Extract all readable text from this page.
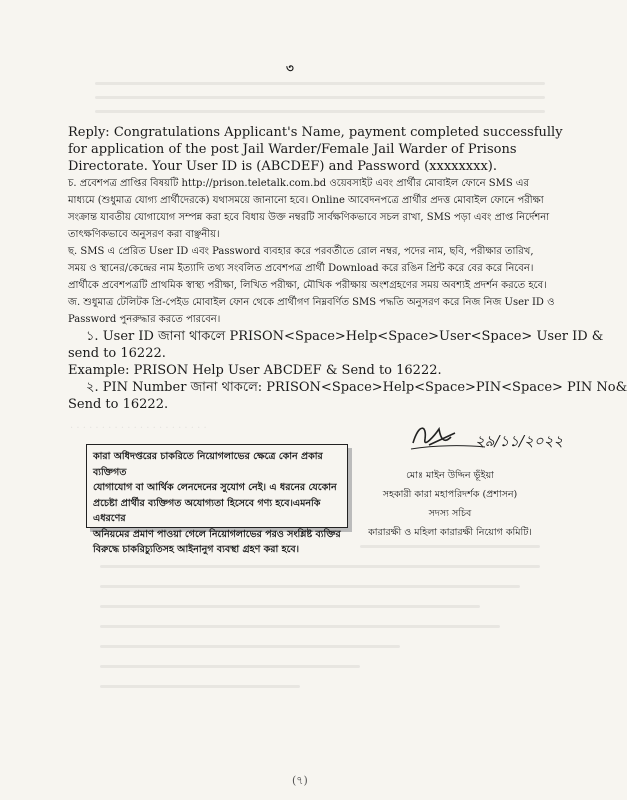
৩

Reply: Congratulations Applicant's Name, payment completed successfully

for application of the post Jail Warder/Female Jail Warder of Prisons

Directorate. Your User ID is (ABCDEF) and Password (xxxxxxxx).

চ. প্রবেশপত্র প্রাপ্তির বিষয়টি http://prison.teletalk.com.bd ওয়েবসাইট এবং প্রার্থীর মোবাইল ফোনে SMS এর

মাধ্যমে (শুধুমাত্র যোগ্য প্রার্থীদেরকে) যথাসময়ে জানানো হবে। Online আবেদনপত্রে প্রার্থীর প্রদত্ত মোবাইল ফোনে পরীক্ষা

সংক্রান্ত যাবতীয় যোগাযোগ সম্পন্ন করা হবে বিধায় উক্ত নম্বরটি সার্বক্ষণিকভাবে সচল রাখা, SMS পড়া এবং প্রাপ্ত নির্দেশনা

তাৎক্ষণিকভাবে অনুসরণ করা বাঞ্ছনীয়।

ছ. SMS এ প্রেরিত User ID এবং Password ব্যবহার করে পরবর্তীতে রোল নম্বর, পদের নাম, ছবি, পরীক্ষার তারিখ,

সময় ও স্থানের/কেন্দ্রের নাম ইত্যাদি তথ্য সংবলিত প্রবেশপত্র প্রার্থী Download করে রঙিন প্রিন্ট করে বের করে নিবেন।

প্রার্থীকে প্রবেশপত্রটি প্রাথমিক স্বাস্থ্য পরীক্ষা, লিখিত পরীক্ষা, মৌখিক পরীক্ষায় অংশগ্রহণের সময় অবশ্যই প্রদর্শন করতে হবে।

জ. শুধুমাত্র টেলিটক প্রি-পেইড মোবাইল ফোন থেকে প্রার্থীগণ নিম্নবর্ণিত SMS পদ্ধতি অনুসরণ করে নিজ নিজ User ID ও

Password পুনরুদ্ধার করতে পারবেন।

১. User ID জানা থাকলে PRISON<Space>Help<Space>User<Space> User ID &

send to 16222.

Example: PRISON Help User ABCDEF & Send to 16222.

২. PIN Number জানা থাকলে: PRISON<Space>Help<Space>PIN<Space> PIN No&

Send to 16222.

. . . . . . . . . . . . . . . . . . . . . .
কারা অধিদপ্তরের চাকরিতে নিয়োগলাভের ক্ষেত্রে কোন প্রকার ব্যক্তিগত
যোগাযোগ বা আর্থিক লেনদেনের সুযোগ নেই। এ ধরনের যেকোন
প্রচেষ্টা প্রার্থীর ব্যক্তিগত অযোগ্যতা হিসেবে গণ্য হবে।এমনকি এধরণের
অনিয়মের প্রমাণ পাওয়া গেলে নিয়োগলাভের পরও সংশ্লিষ্ট ব্যক্তির
বিরুদ্ধে চাকরিচ্যুতিসহ আইনানুগ ব্যবস্থা গ্রহণ করা হবে।
২৯/১১/২০২২
মোঃ মাইন উদ্দিন ভূঁইয়া
সহকারী কারা মহাপরিদর্শক (প্রশাসন)
সদস্য সচিব
কারারক্ষী ও মহিলা কারারক্ষী নিয়োগ কমিটি।
(৭)
